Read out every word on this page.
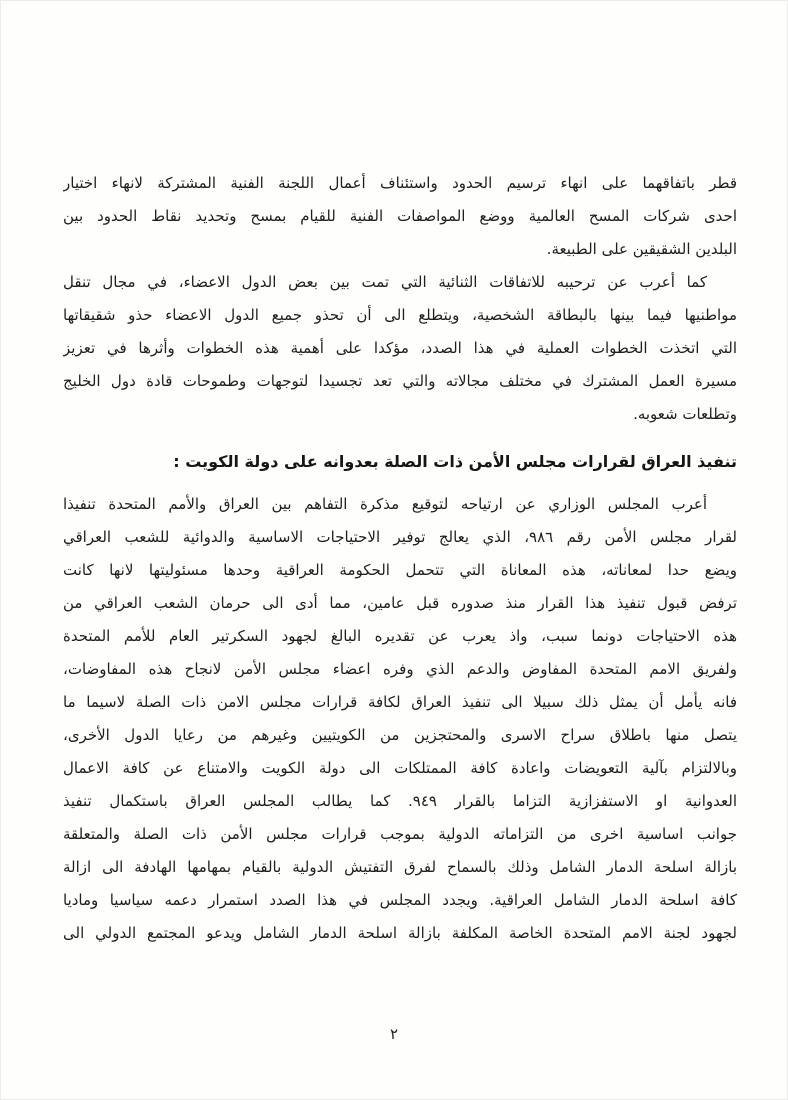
قطر باتفاقهما على انهاء ترسيم الحدود واستئناف أعمال اللجنة الفنية المشتركة لانهاء اختيار
احدى شركات المسح العالمية ووضع المواصفات الفنية للقيام بمسح وتحديد نقاط الحدود بين
البلدين الشقيقين على الطبيعة.
كما أعرب عن ترحيبه للاتفاقات الثنائية التي تمت بين بعض الدول الاعضاء، في مجال تنقل
مواطنيها فيما بينها بالبطاقة الشخصية، ويتطلع الى أن تحذو جميع الدول الاعضاء حذو شقيقاتها
التي اتخذت الخطوات العملية في هذا الصدد، مؤكدا على أهمية هذه الخطوات وأثرها في تعزيز
مسيرة العمل المشترك في مختلف مجالاته والتي تعد تجسيدا لتوجهات وطموحات قادة دول الخليج
وتطلعات شعوبه.
تنفيذ العراق لقرارات مجلس الأمن ذات الصلة بعدوانه على دولة الكويت :
أعرب المجلس الوزاري عن ارتياحه لتوقيع مذكرة التفاهم بين العراق والأمم المتحدة تنفيذا
لقرار مجلس الأمن رقم ٩٨٦، الذي يعالج توفير الاحتياجات الاساسية والدوائية للشعب العراقي
ويضع حدا لمعاناته، هذه المعاناة التي تتحمل الحكومة العراقية وحدها مسئوليتها لانها كانت
ترفض قبول تنفيذ هذا القرار منذ صدوره قبل عامين، مما أدى الى حرمان الشعب العراقي من
هذه الاحتياجات دونما سبب، واذ يعرب عن تقديره البالغ لجهود السكرتير العام للأمم المتحدة
ولفريق الامم المتحدة المفاوض والدعم الذي وفره اعضاء مجلس الأمن لانجاح هذه المفاوضات،
فانه يأمل أن يمثل ذلك سبيلا الى تنفيذ العراق لكافة قرارات مجلس الامن ذات الصلة لاسيما ما
يتصل منها باطلاق سراح الاسرى والمحتجزين من الكويتيين وغيرهم من رعايا الدول الأخرى،
وبالالتزام بآلية التعويضات واعادة كافة الممتلكات الى دولة الكويت والامتناع عن كافة الاعمال
العدوانية او الاستفزازية التزاما بالقرار ٩٤٩. كما يطالب المجلس العراق باستكمال تنفيذ
جوانب اساسية اخرى من التزاماته الدولية بموجب قرارات مجلس الأمن ذات الصلة والمتعلقة
بازالة اسلحة الدمار الشامل وذلك بالسماح لفرق التفتيش الدولية بالقيام بمهامها الهادفة الى ازالة
كافة اسلحة الدمار الشامل العراقية. ويجدد المجلس في هذا الصدد استمرار دعمه سياسيا وماديا
لجهود لجنة الامم المتحدة الخاصة المكلفة بازالة اسلحة الدمار الشامل ويدعو المجتمع الدولي الى
٢
